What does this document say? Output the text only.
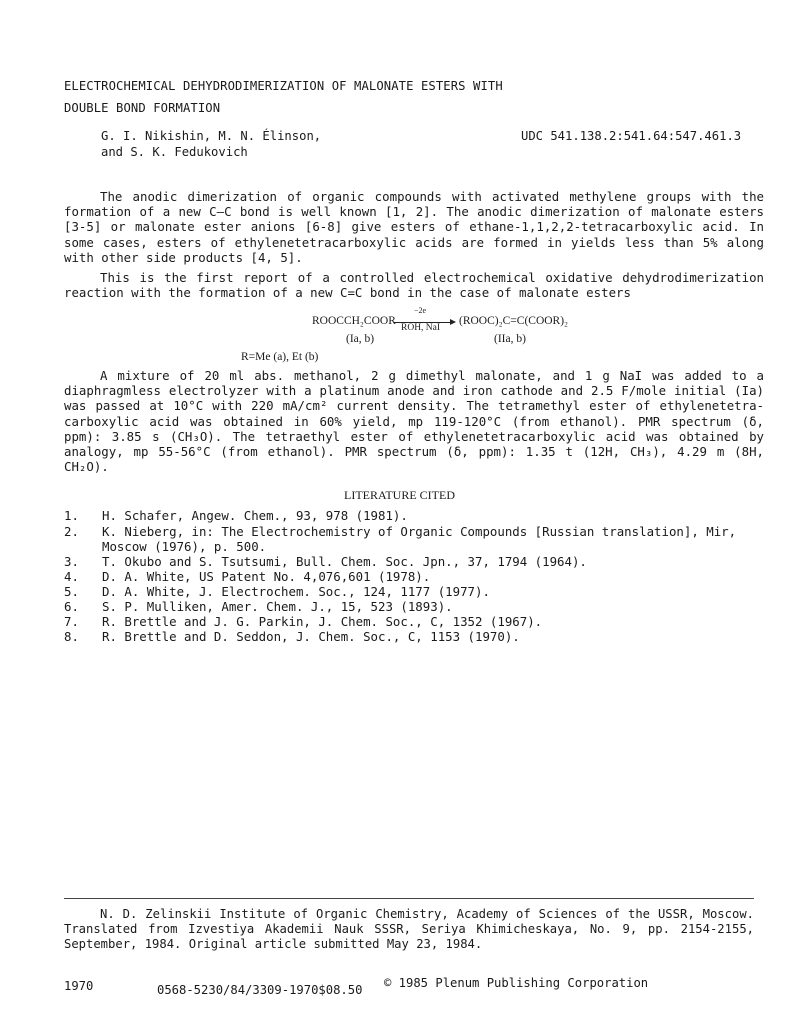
ELECTROCHEMICAL DEHYDRODIMERIZATION OF MALONATE ESTERS WITH
DOUBLE BOND FORMATION
G. I. Nikishin, M. N. Élinson,
and S. K. Fedukovich
UDC 541.138.2:541.64:547.461.3
The anodic dimerization of organic compounds with activated methylene groups with the formation of a new C—C bond is well known [1, 2]. The anodic dimerization of malonate esters [3-5] or malonate ester anions [6-8] give esters of ethane-1,1,2,2-tetracarboxylic acid. In some cases, esters of ethylenetetracarboxylic acids are formed in yields less than 5% along with other side products [4, 5].
This is the first report of a controlled electrochemical oxidative dehydrodimerization reaction with the formation of a new C=C bond in the case of malonate esters
ROOCCH₂COOR
−2e
ROH, NaI
(ROOC)₂C=C(COOR)₂
(Ia, b)	(IIa, b)
R=Me (a), Et (b)
A mixture of 20 ml abs. methanol, 2 g dimethyl malonate, and 1 g NaI was added to a diaphragmless electrolyzer with a platinum anode and iron cathode and 2.5 F/mole initial (Ia) was passed at 10°C with 220 mA/cm² current density. The tetramethyl ester of ethylenetetra-carboxylic acid was obtained in 60% yield, mp 119-120°C (from ethanol). PMR spectrum (δ, ppm): 3.85 s (CH₃O). The tetraethyl ester of ethylenetetracarboxylic acid was obtained by analogy, mp 55-56°C (from ethanol). PMR spectrum (δ, ppm): 1.35 t (12H, CH₃), 4.29 m (8H, CH₂O).
LITERATURE CITED
1. H. Schafer, Angew. Chem., 93, 978 (1981).
2. K. Nieberg, in: The Electrochemistry of Organic Compounds [Russian translation], Mir, Moscow (1976), p. 500.
3. T. Okubo and S. Tsutsumi, Bull. Chem. Soc. Jpn., 37, 1794 (1964).
4. D. A. White, US Patent No. 4,076,601 (1978).
5. D. A. White, J. Electrochem. Soc., 124, 1177 (1977).
6. S. P. Mulliken, Amer. Chem. J., 15, 523 (1893).
7. R. Brettle and J. G. Parkin, J. Chem. Soc., C, 1352 (1967).
8. R. Brettle and D. Seddon, J. Chem. Soc., C, 1153 (1970).
N. D. Zelinskii Institute of Organic Chemistry, Academy of Sciences of the USSR, Moscow. Translated from Izvestiya Akademii Nauk SSSR, Seriya Khimicheskaya, No. 9, pp. 2154-2155, September, 1984. Original article submitted May 23, 1984.
1970	0568-5230/84/3309-1970$08.50 © 1985 Plenum Publishing Corporation
